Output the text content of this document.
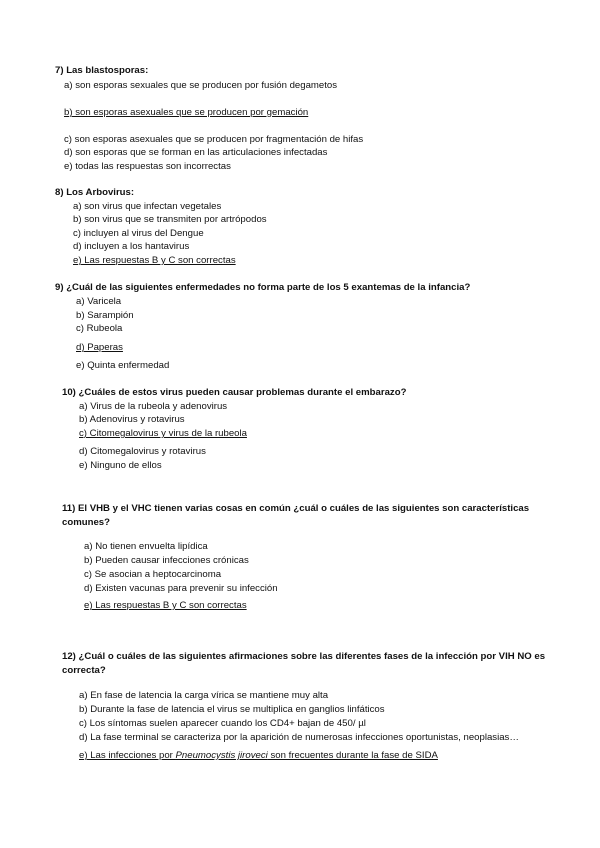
7) Las blastosporas:
a) son esporas sexuales que se producen por fusión degametos
b) son esporas asexuales que se producen por gemación
c) son esporas asexuales que se producen por fragmentación de hifas
d) son esporas que se forman en las articulaciones infectadas
e) todas las respuestas son incorrectas
8) Los Arbovirus:
a) son virus que infectan vegetales
b) son virus que se transmiten por artrópodos
c) incluyen al virus del Dengue
d) incluyen a los hantavirus
e) Las respuestas B y C son correctas
9) ¿Cuál de las siguientes enfermedades no forma parte de los 5 exantemas de la infancia?
a) Varicela
b) Sarampión
c) Rubeola
d) Paperas
e) Quinta enfermedad
10) ¿Cuáles de estos virus pueden causar problemas durante el embarazo?
a) Virus de la rubeola y adenovirus
b) Adenovirus y rotavirus
c) Citomegalovirus y virus de la rubeola
d) Citomegalovirus y rotavirus
e) Ninguno de ellos
11) El VHB y el VHC tienen varias cosas en común ¿cuál o cuáles de las siguientes son características comunes?
a) No tienen envuelta lipídica
b) Pueden causar infecciones crónicas
c) Se asocian a heptocarcinoma
d) Existen vacunas para prevenir su infección
e) Las respuestas B y C son correctas
12) ¿Cuál o cuáles de las siguientes afirmaciones sobre las diferentes fases de la infección por VIH NO es correcta?
a) En fase de latencia la carga vírica se mantiene muy alta
b) Durante la fase de latencia el virus se multiplica en ganglios linfáticos
c) Los síntomas suelen aparecer cuando los CD4+ bajan de 450/ µl
d) La fase terminal se caracteriza por la aparición de numerosas infecciones oportunistas, neoplasias…
e) Las infecciones por Pneumocystis jiroveci son frecuentes durante la fase de SIDA
